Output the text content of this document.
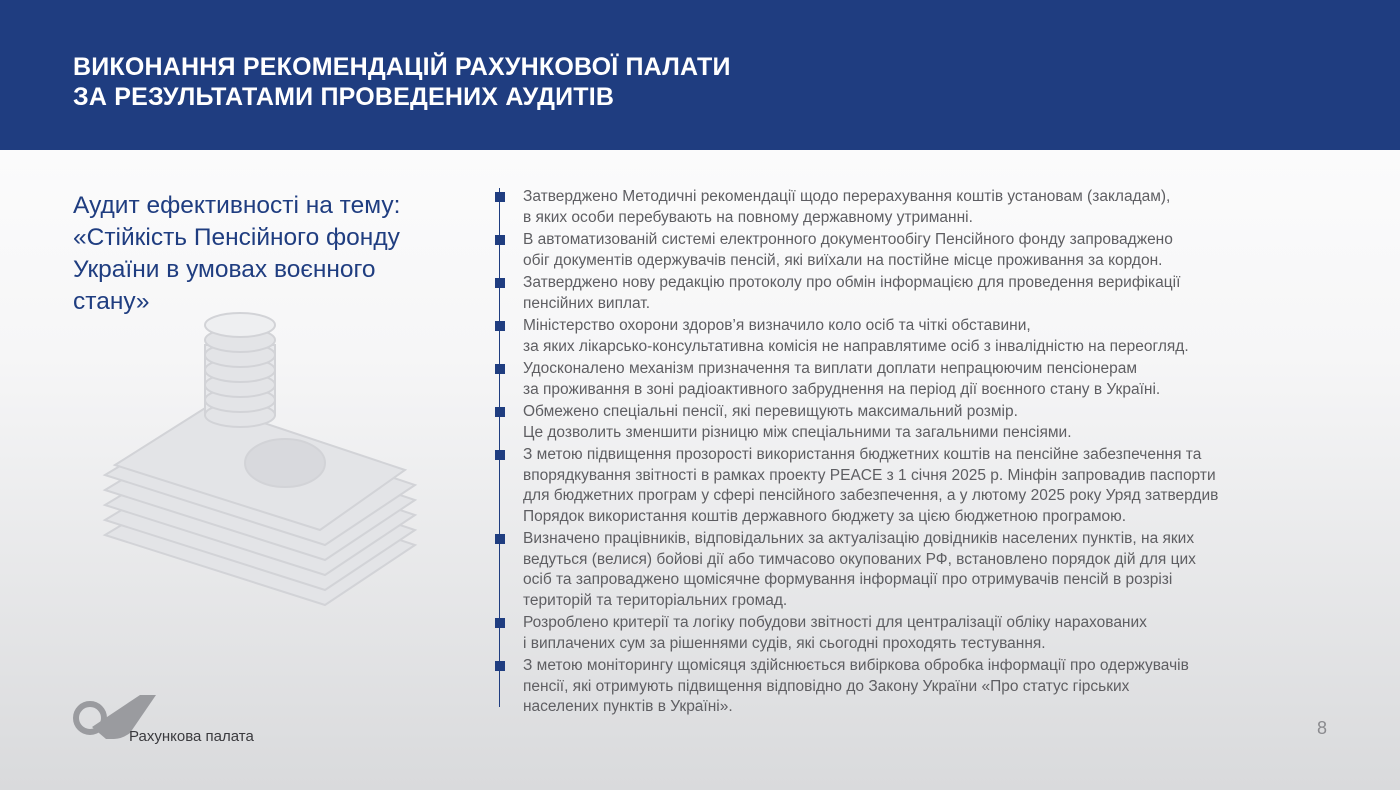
ВИКОНАННЯ РЕКОМЕНДАЦІЙ РАХУНКОВОЇ ПАЛАТИ
ЗА РЕЗУЛЬТАТАМИ ПРОВЕДЕНИХ АУДИТІВ
Аудит ефективності на тему:
«Стійкість Пенсійного фонду
України в умовах воєнного
стану»
Затверджено Методичні рекомендації щодо перерахування коштів установам (закладам),
в яких особи перебувають на повному державному утриманні.
В автоматизованій системі електронного документообігу Пенсійного фонду запроваджено
обіг документів одержувачів пенсій, які виїхали на постійне місце проживання за кордон.
Затверджено нову редакцію протоколу про обмін інформацією для проведення верифікації
пенсійних виплат.
Міністерство охорони здоров’я визначило коло осіб та чіткі обставини,
за яких лікарсько-консультативна комісія не направлятиме осіб з інвалідністю на переогляд.
Удосконалено механізм призначення та виплати доплати непрацюючим пенсіонерам
за проживання в зоні радіоактивного забруднення на період дії воєнного стану в Україні.
Обмежено спеціальні пенсії, які перевищують максимальний розмір.
Це дозволить зменшити різницю між спеціальними та загальними пенсіями.
З метою підвищення прозорості використання бюджетних коштів на пенсійне забезпечення та
впорядкування звітності в рамках проекту PEACE з 1 січня 2025 р. Мінфін запровадив паспорти
для бюджетних програм у сфері пенсійного забезпечення, а у лютому 2025 року Уряд затвердив
Порядок використання коштів державного бюджету за цією бюджетною програмою.
Визначено працівників, відповідальних за актуалізацію довідників населених пунктів, на яких
ведуться (велися) бойові дії або тимчасово окупованих РФ, встановлено порядок дій для цих
осіб та запроваджено щомісячне формування інформації про отримувачів пенсій в розрізі
територій та територіальних громад.
Розроблено критерії та логіку побудови звітності для централізації обліку нарахованих
і виплачених сум за рішеннями судів, які сьогодні проходять тестування.
З метою моніторингу щомісяця здійснюється вибіркова обробка інформації про одержувачів
пенсії, які отримують підвищення відповідно до Закону України «Про статус гірських
населених пунктів в Україні».
Рахункова палата	8
